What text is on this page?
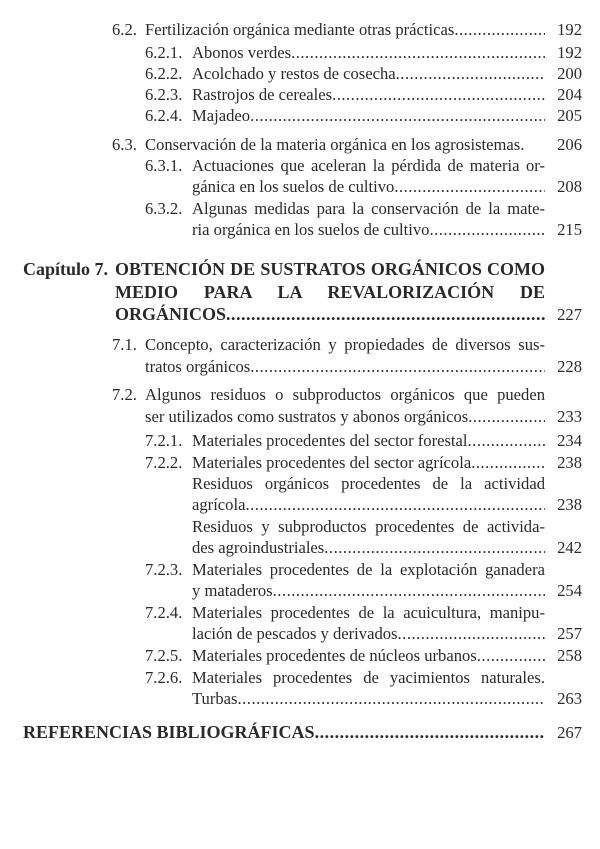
6.2. Fertilización orgánica mediante otras prácticas .....	192
6.2.1. Abonos verdes .....	192
6.2.2. Acolchado y restos de cosecha .....	200
6.2.3. Rastrojos de cereales .....	204
6.2.4. Majadeo .....	205
6.3. Conservación de la materia orgánica en los agrosistemas.	206
6.3.1. Actuaciones que aceleran la pérdida de materia or-
gánica en los suelos de cultivo .....	208
6.3.2. Algunas medidas para la conservación de la mate-
ria orgánica en los suelos de cultivo .....	215
Capítulo 7. OBTENCIÓN DE SUSTRATOS ORGÁNICOS COMO
MEDIO PARA LA REVALORIZACIÓN DE
ORGÁNICOS .....	227
7.1. Concepto, caracterización y propiedades de diversos sus-
tratos orgánicos .....	228
7.2. Algunos residuos o subproductos orgánicos que pueden
ser utilizados como sustratos y abonos orgánicos .....	233
7.2.1. Materiales procedentes del sector forestal .....	234
7.2.2. Materiales procedentes del sector agrícola .....	238
Residuos orgánicos procedentes de la actividad
agrícola .....	238
Residuos y subproductos procedentes de activida-
des agroindustriales .....	242
7.2.3. Materiales procedentes de la explotación ganadera
y mataderos .....	254
7.2.4. Materiales procedentes de la acuicultura, manipu-
lación de pescados y derivados .....	257
7.2.5. Materiales procedentes de núcleos urbanos .....	258
7.2.6. Materiales procedentes de yacimientos naturales.
Turbas .....	263
REFERENCIAS BIBLIOGRÁFICAS .....	267
